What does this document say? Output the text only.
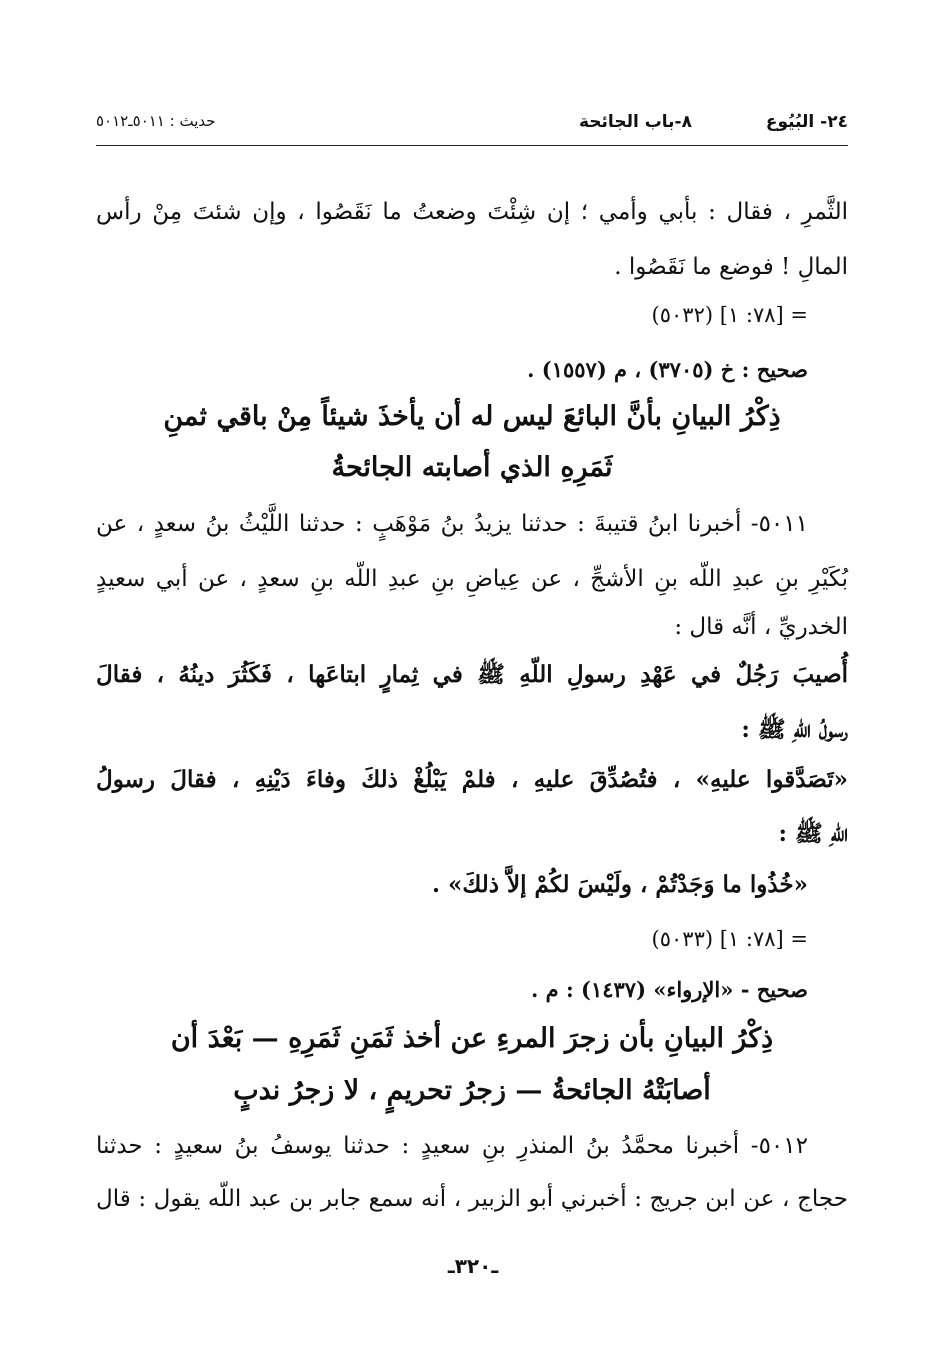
٢٤- البُيُوع
٨-باب الجائحة
حديث : ٥٠١١ـ٥٠١٢
الثَّمرِ ، فقال : بأبي وأمي ؛ إن شِئْتَ وضعتُ ما نَقَصُوا ، وإن شئتَ مِنْ رأس
المالِ ! فوضع ما نَقَصُوا .
= [٧٨: ١] (٥٠٣٢)
صحيح : خ (٣٧٠٥) ، م (١٥٥٧) .
ذِكْرُ البيانِ بأنَّ البائعَ ليس له أن يأخذَ شيئاً مِنْ باقي ثمنِ
ثَمَرِهِ الذي أصابته الجائحةُ
٥٠١١- أخبرنا ابنُ قتيبةَ : حدثنا يزيدُ بنُ مَوْهَبٍ : حدثنا اللَّيْثُ بنُ سعدٍ ، عن
بُكَيْرِ بنِ عبدِ اللّه بنِ الأشجِّ ، عن عِياضِ بنِ عبدِ اللّه بنِ سعدٍ ، عن أبي سعيدٍ
الخدريِّ ، أنَّه قال :
أُصيبَ رَجُلٌ في عَهْدِ رسولِ اللّهِ ﷺ في ثِمارٍ ابتاعَها ، فَكَثُرَ دينُهُ ، فقالَ
رسولُ اللّهِ ﷺ :
«تَصَدَّقوا عليهِ» ، فتُصُدِّقَ عليهِ ، فلمْ يَبْلُغْ ذلكَ وفاءَ دَيْنِهِ ، فقالَ رسولُ
اللّهِ ﷺ :
«خُذُوا ما وَجَدْتُمْ ، ولَيْسَ لكُمْ إلاَّ ذلكَ» .
= [٧٨: ١] (٥٠٣٣)
صحيح - «الإرواء» (١٤٣٧) : م .
ذِكْرُ البيانِ بأن زجرَ المرءِ عن أخذ ثَمَنِ ثَمَرِهِ — بَعْدَ أن
أصابَتْهُ الجائحةُ — زجرُ تحريمٍ ، لا زجرُ ندبٍ
٥٠١٢- أخبرنا محمَّدُ بنُ المنذرِ بنِ سعيدٍ : حدثنا يوسفُ بنُ سعيدٍ : حدثنا
حجاج ، عن ابن جريج : أخبرني أبو الزبير ، أنه سمع جابر بن عبد اللّه يقول : قال
ـ٣٢٠ـ
